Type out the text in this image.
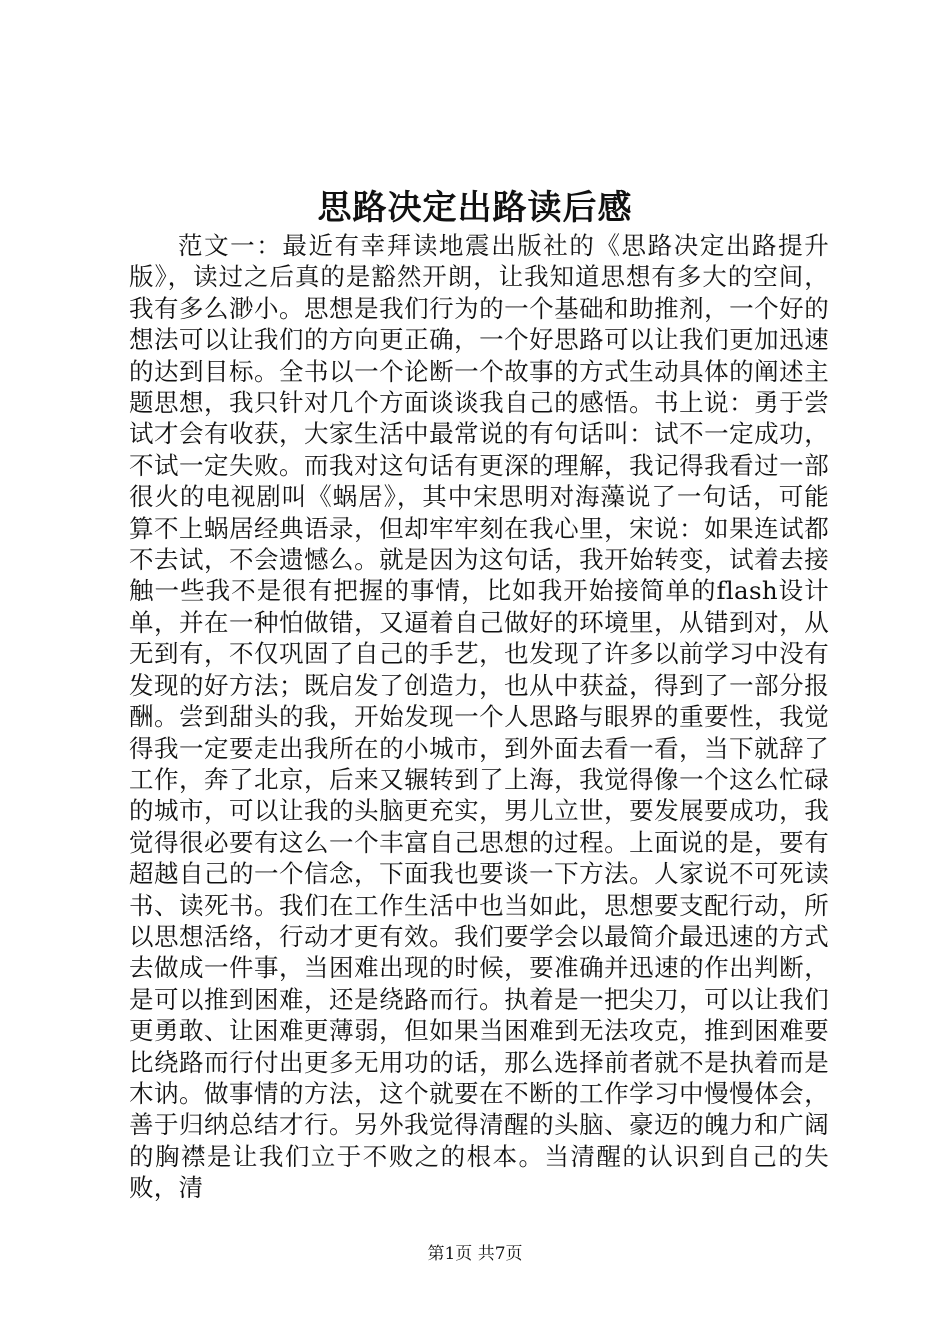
思路决定出路读后感

范文一：最近有幸拜读地震出版社的《思路决定出路提升版》，读过之后真的是豁然开朗，让我知道思想有多大的空间，我有多么渺小。思想是我们行为的一个基础和助推剂，一个好的想法可以让我们的方向更正确，一个好思路可以让我们更加迅速的达到目标。全书以一个论断一个故事的方式生动具体的阐述主题思想，我只针对几个方面谈谈我自己的感悟。书上说：勇于尝试才会有收获，大家生活中最常说的有句话叫：试不一定成功，不试一定失败。而我对这句话有更深的理解，我记得我看过一部很火的电视剧叫《蜗居》，其中宋思明对海藻说了一句话，可能算不上蜗居经典语录，但却牢牢刻在我心里，宋说：如果连试都不去试，不会遗憾么。就是因为这句话，我开始转变，试着去接触一些我不是很有把握的事情，比如我开始接简单的flash设计单，并在一种怕做错，又逼着自己做好的环境里，从错到对，从无到有，不仅巩固了自己的手艺，也发现了许多以前学习中没有发现的好方法；既启发了创造力，也从中获益，得到了一部分报酬。尝到甜头的我，开始发现一个人思路与眼界的重要性，我觉得我一定要走出我所在的小城市，到外面去看一看，当下就辞了工作，奔了北京，后来又辗转到了上海，我觉得像一个这么忙碌的城市，可以让我的头脑更充实，男儿立世，要发展要成功，我觉得很必要有这么一个丰富自己思想的过程。上面说的是，要有超越自己的一个信念，下面我也要谈一下方法。人家说不可死读书、读死书。我们在工作生活中也当如此，思想要支配行动，所以思想活络，行动才更有效。我们要学会以最简介最迅速的方式去做成一件事，当困难出现的时候，要准确并迅速的作出判断，是可以推到困难，还是绕路而行。执着是一把尖刀，可以让我们更勇敢、让困难更薄弱，但如果当困难到无法攻克，推到困难要比绕路而行付出更多无用功的话，那么选择前者就不是执着而是木讷。做事情的方法，这个就要在不断的工作学习中慢慢体会，善于归纳总结才行。另外我觉得清醒的头脑、豪迈的魄力和广阔的胸襟是让我们立于不败之的根本。当清醒的认识到自己的失败，清

第1页 共7页
